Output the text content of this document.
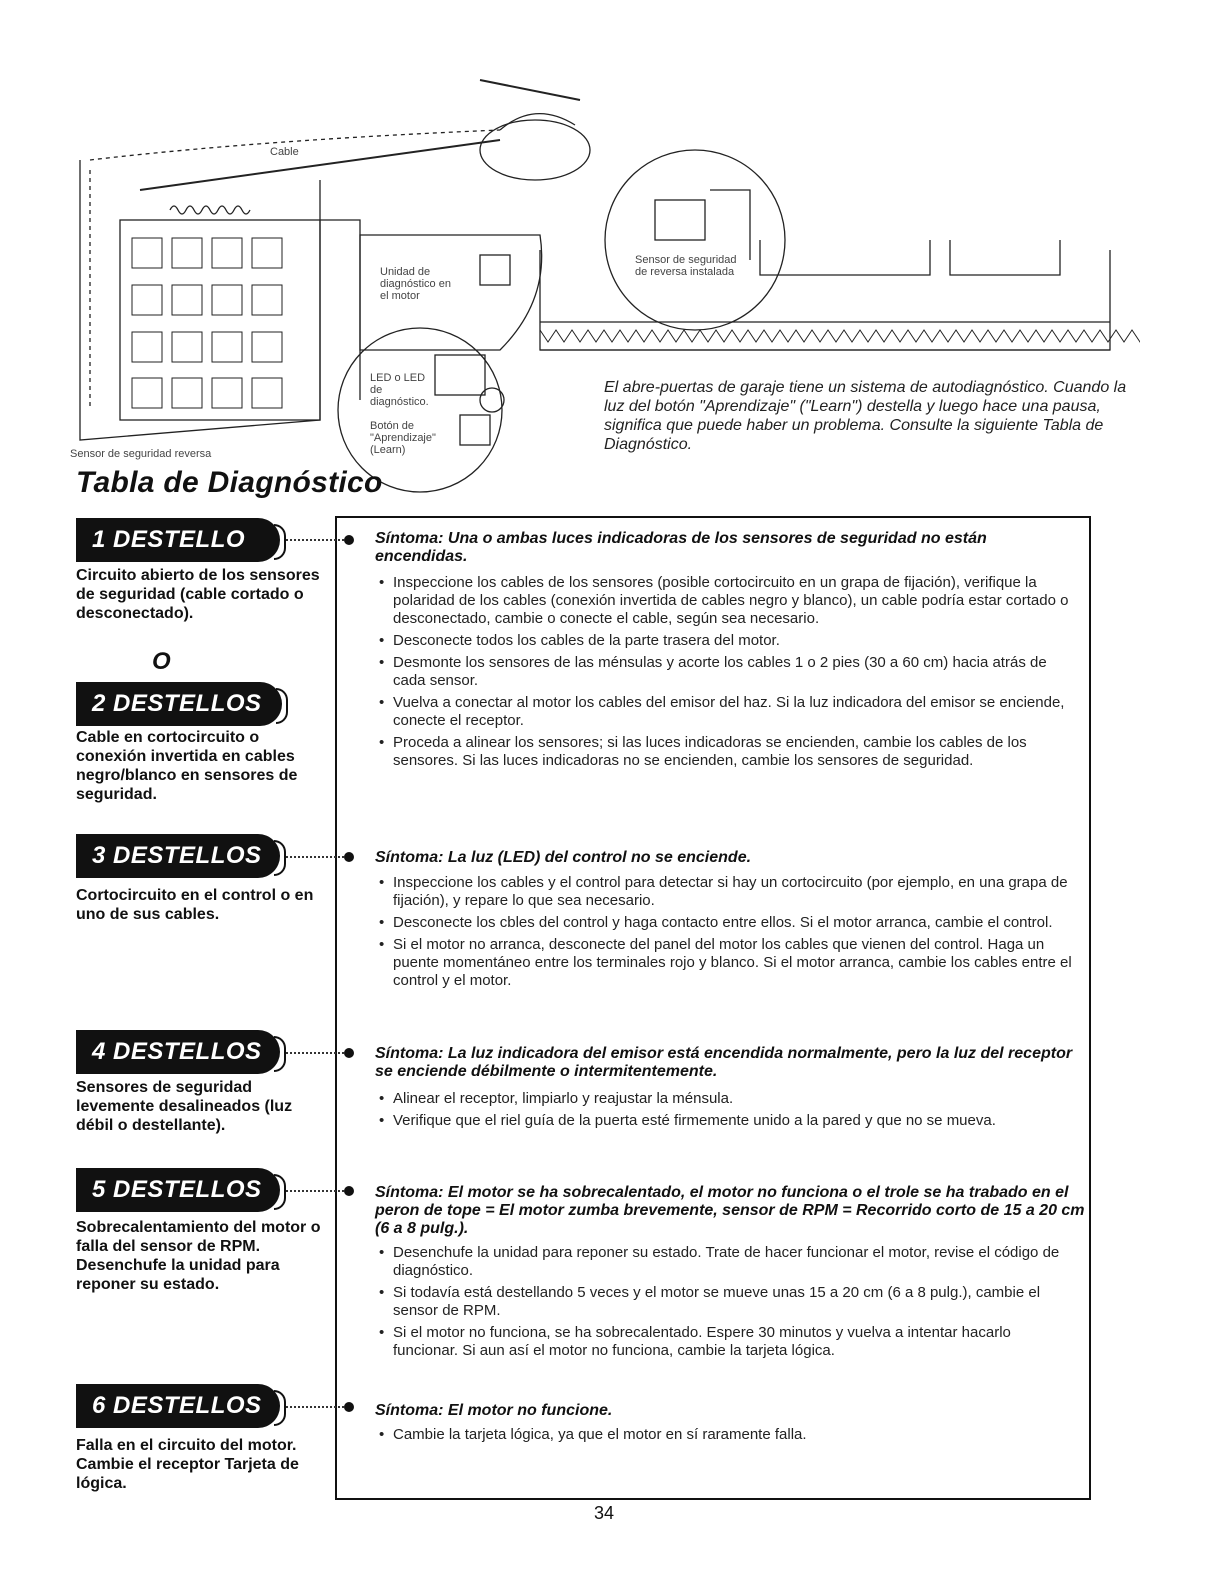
Cable
Sensor de seguridad reversa
Unidad de diagnóstico en el motor
LED o LED de diagnóstico.
Botón de "Aprendizaje" (Learn)
Sensor de seguridad de reversa instalada
El abre-puertas de garaje tiene un sistema de autodiagnóstico. Cuando la luz del botón "Aprendizaje" ("Learn") destella y luego hace una pausa, significa que puede haber un problema. Consulte la siguiente Tabla de Diagnóstico.
Tabla de Diagnóstico
1 DESTELLO
Circuito abierto de los sensores de seguridad (cable cortado o desconectado).
O
Síntoma: Una o ambas luces indicadoras de los sensores de seguridad no están encendidas.
• Inspeccione los cables de los sensores (posible cortocircuito en un grapa de fijación), verifique la polaridad de los cables (conexión invertida de cables negro y blanco), un cable podría estar cortado o desconectado, cambie o conecte el cable, según sea necesario.
• Desconecte todos los cables de la parte trasera del motor.
• Desmonte los sensores de las ménsulas y acorte los cables 1 o 2 pies (30 a 60 cm) hacia atrás de cada sensor.
• Vuelva a conectar al motor los cables del emisor del haz. Si la luz indicadora del emisor se enciende, conecte el receptor.
• Proceda a alinear los sensores; si las luces indicadoras se encienden, cambie los cables de los sensores. Si las luces indicadoras no se encienden, cambie los sensores de seguridad.
2 DESTELLOS
Cable en cortocircuito o conexión invertida en cables negro/blanco en sensores de seguridad.
3 DESTELLOS
Cortocircuito en el control o en uno de sus cables.
Síntoma: La luz (LED) del control no se enciende.
• Inspeccione los cables y el control para detectar si hay un cortocircuito (por ejemplo, en una grapa de fijación), y repare lo que sea necesario.
• Desconecte los cbles del control y haga contacto entre ellos. Si el motor arranca, cambie el control.
• Si el motor no arranca, desconecte del panel del motor los cables que vienen del control. Haga un puente momentáneo entre los terminales rojo y blanco. Si el motor arranca, cambie los cables entre el control y el motor.
4 DESTELLOS
Sensores de seguridad levemente desalineados (luz débil o destellante).
Síntoma: La luz indicadora del emisor está encendida normalmente, pero la luz del receptor se enciende débilmente o intermitentemente.
• Alinear el receptor, limpiarlo y reajustar la ménsula.
• Verifique que el riel guía de la puerta esté firmemente unido a la pared y que no se mueva.
5 DESTELLOS
Sobrecalentamiento del motor o falla del sensor de RPM. Desenchufe la unidad para reponer su estado.
Síntoma: El motor se ha sobrecalentado, el motor no funciona o el trole se ha trabado en el peron de tope = El motor zumba brevemente, sensor de RPM = Recorrido corto de 15 a 20 cm (6 a 8 pulg.).
• Desenchufe la unidad para reponer su estado. Trate de hacer funcionar el motor, revise el código de diagnóstico.
• Si todavía está destellando 5 veces y el motor se mueve unas 15 a 20 cm (6 a 8 pulg.), cambie el sensor de RPM.
• Si el motor no funciona, se ha sobrecalentado. Espere 30 minutos y vuelva a intentar hacarlo funcionar. Si aun así el motor no funciona, cambie la tarjeta lógica.
6 DESTELLOS
Falla en el circuito del motor. Cambie el receptor Tarjeta de lógica.
Síntoma: El motor no funcione.
• Cambie la tarjeta lógica, ya que el motor en sí raramente falla.
34
